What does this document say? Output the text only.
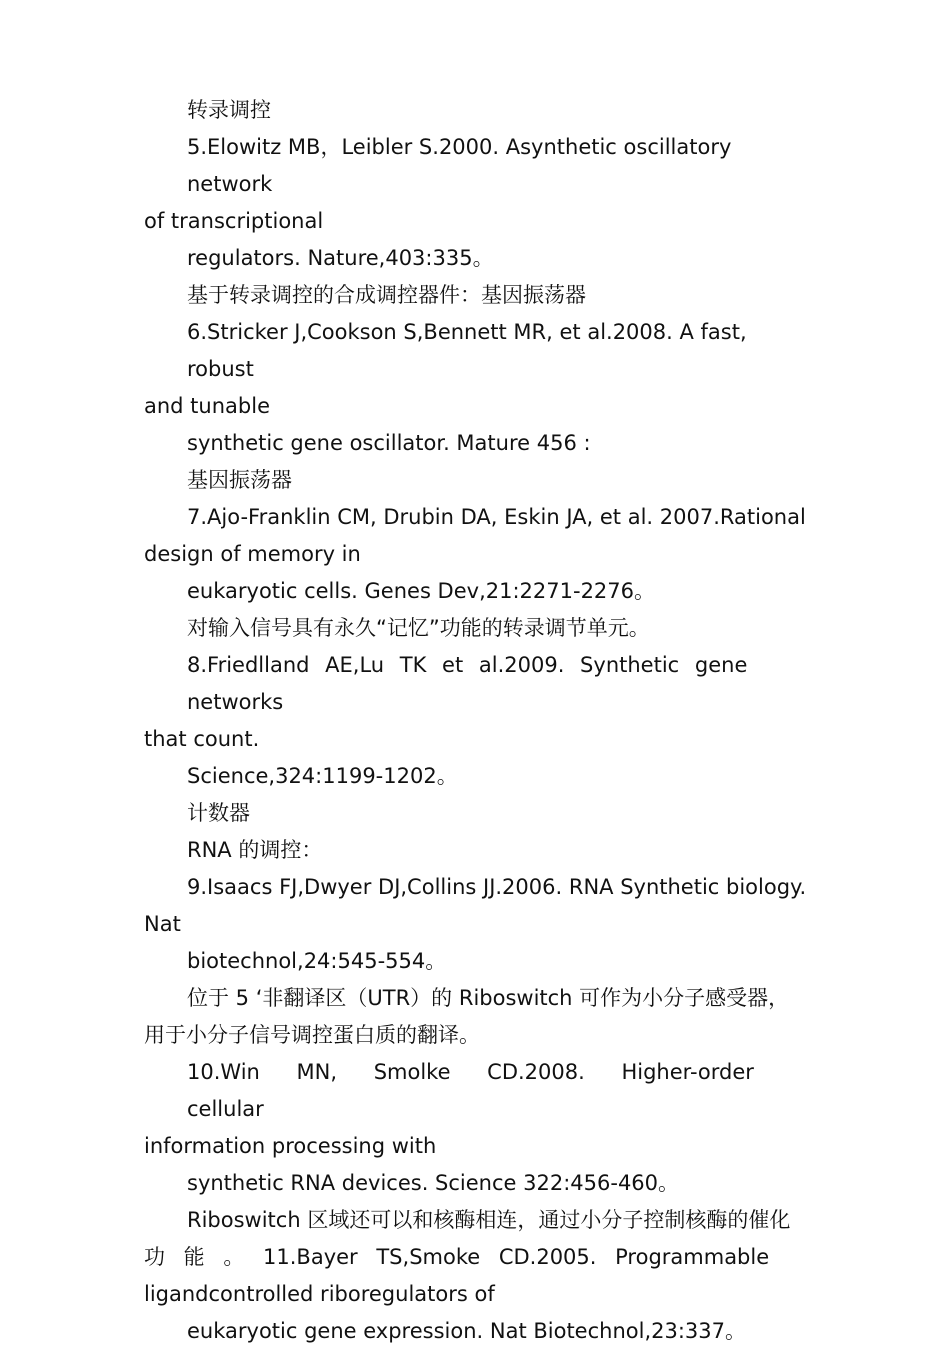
转录调控
5.Elowitz MB，Leibler S.2000. Asynthetic oscillatory network
of transcriptional
regulators. Nature,403:335。
基于转录调控的合成调控器件：基因振荡器
6.Stricker J,Cookson S,Bennett MR, et al.2008. A fast, robust
and tunable
synthetic gene oscillator. Mature 456 :
基因振荡器
7.Ajo-Franklin CM, Drubin DA, Eskin JA, et al. 2007.Rational
design of memory in
eukaryotic cells. Genes Dev,21:2271-2276。
对输入信号具有永久“记忆”功能的转录调节单元。
8.Friedlland AE,Lu TK et al.2009. Synthetic gene networks
that count.
Science,324:1199-1202。
计数器
RNA 的调控：
9.Isaacs FJ,Dwyer DJ,Collins JJ.2006. RNA Synthetic biology.
Nat
biotechnol,24:545-554。
位于 5 ‘非翻译区（UTR）的 Riboswitch 可作为小分子感受器，
用于小分子信号调控蛋白质的翻译。
10.Win MN, Smolke CD.2008. Higher-order cellular
information processing with
synthetic RNA devices. Science 322:456-460。
Riboswitch 区域还可以和核酶相连，通过小分子控制核酶的催化
功 能 。 11.Bayer TS,Smoke CD.2005. Programmable
ligandcontrolled riboregulators of
eukaryotic gene expression. Nat Biotechnol,23:337。
